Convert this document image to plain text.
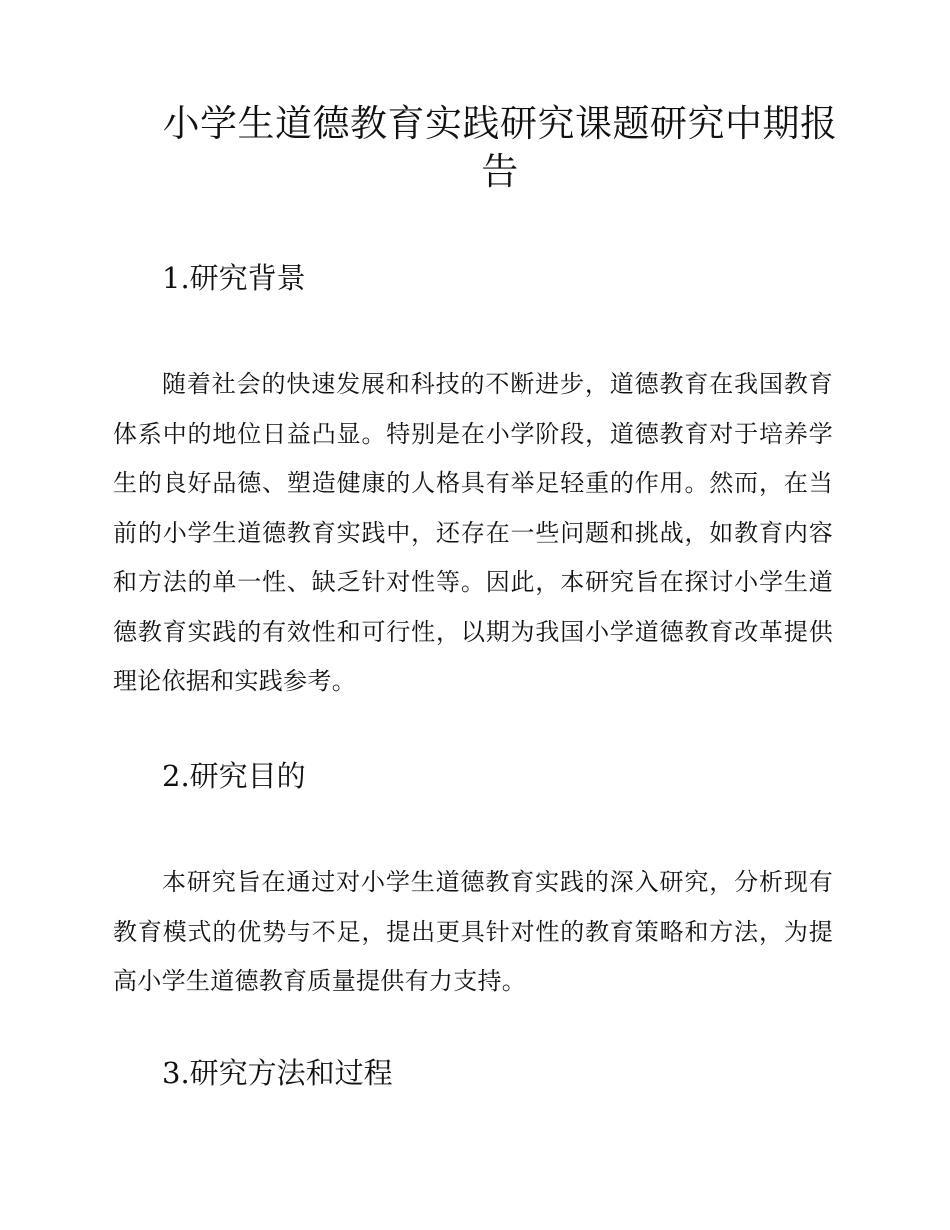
小学生道德教育实践研究课题研究中期报告
1.研究背景

随着社会的快速发展和科技的不断进步，道德教育在我国教育体系中的地位日益凸显。特别是在小学阶段，道德教育对于培养学生的良好品德、塑造健康的人格具有举足轻重的作用。然而，在当前的小学生道德教育实践中，还存在一些问题和挑战，如教育内容和方法的单一性、缺乏针对性等。因此，本研究旨在探讨小学生道德教育实践的有效性和可行性，以期为我国小学道德教育改革提供理论依据和实践参考。

2.研究目的

本研究旨在通过对小学生道德教育实践的深入研究，分析现有教育模式的优势与不足，提出更具针对性的教育策略和方法，为提高小学生道德教育质量提供有力支持。

3.研究方法和过程
